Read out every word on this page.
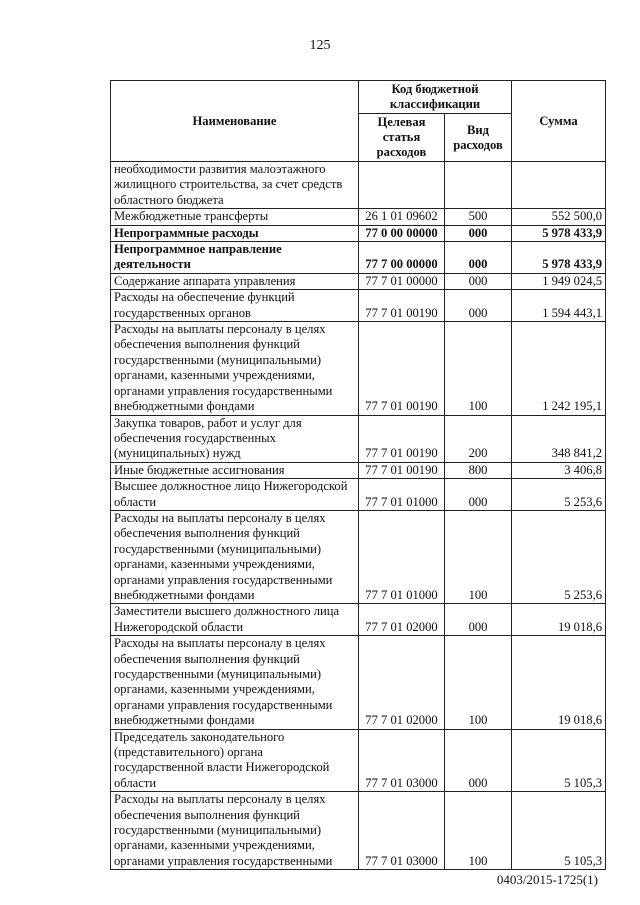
125
Наименование	Код бюджетной классификации		Сумма
	Целевая статья расходов	Вид расходов	
необходимости развития малоэтажного жилищного строительства, за счет средств областного бюджета			
Межбюджетные трансферты	26 1 01 09602	500	552 500,0
Непрограммные расходы	77 0 00 00000	000	5 978 433,9
Непрограммное направление деятельности	77 7 00 00000	000	5 978 433,9
Содержание аппарата управления	77 7 01 00000	000	1 949 024,5
Расходы на обеспечение функций государственных органов	77 7 01 00190	000	1 594 443,1
Расходы на выплаты персоналу в целях обеспечения выполнения функций государственными (муниципальными) органами, казенными учреждениями, органами управления государственными внебюджетными фондами	77 7 01 00190	100	1 242 195,1
Закупка товаров, работ и услуг для обеспечения государственных (муниципальных) нужд	77 7 01 00190	200	348 841,2
Иные бюджетные ассигнования	77 7 01 00190	800	3 406,8
Высшее должностное лицо Нижегородской области	77 7 01 01000	000	5 253,6
Расходы на выплаты персоналу в целях обеспечения выполнения функций государственными (муниципальными) органами, казенными учреждениями, органами управления государственными внебюджетными фондами	77 7 01 01000	100	5 253,6
Заместители высшего должностного лица Нижегородской области	77 7 01 02000	000	19 018,6
Расходы на выплаты персоналу в целях обеспечения выполнения функций государственными (муниципальными) органами, казенными учреждениями, органами управления государственными внебюджетными фондами	77 7 01 02000	100	19 018,6
Председатель законодательного (представительного) органа государственной власти Нижегородской области	77 7 01 03000	000	5 105,3
Расходы на выплаты персоналу в целях обеспечения выполнения функций государственными (муниципальными) органами, казенными учреждениями, органами управления государственными	77 7 01 03000	100	5 105,3
0403/2015-1725(1)
